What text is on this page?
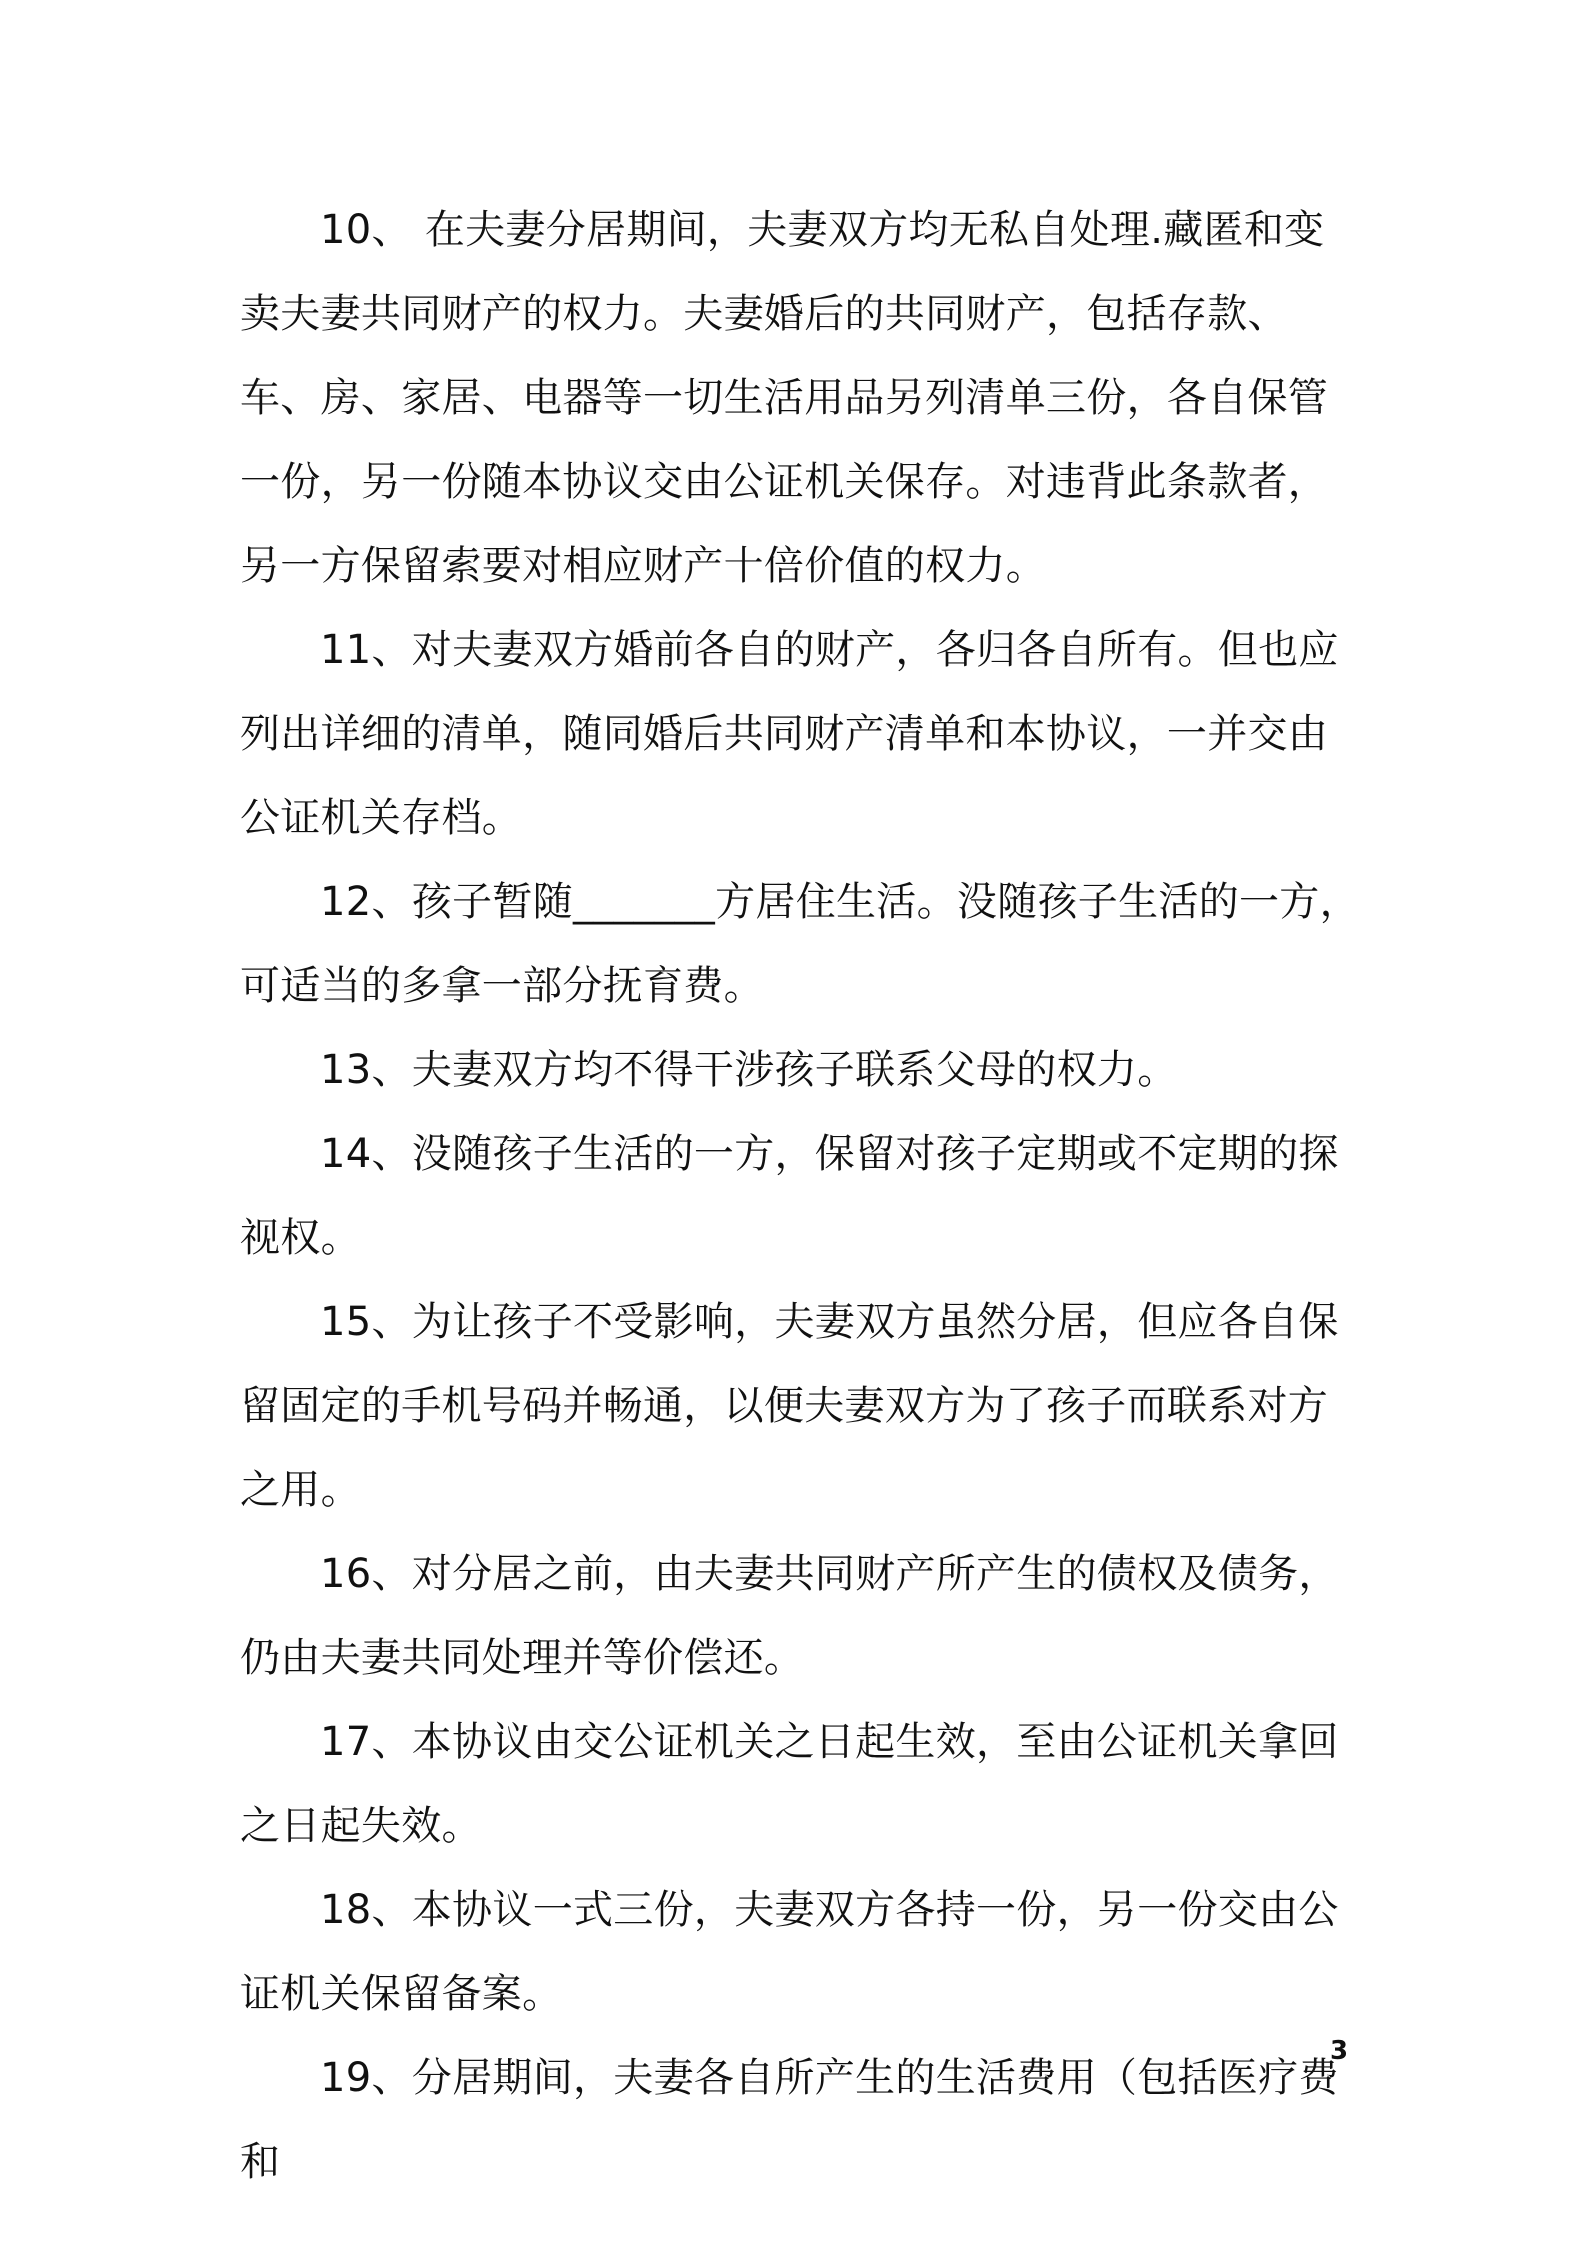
10、 在夫妻分居期间，夫妻双方均无私自处理.藏匿和变卖夫妻共同财产的权力。夫妻婚后的共同财产，包括存款、车、房、家居、电器等一切生活用品另列清单三份，各自保管一份，另一份随本协议交由公证机关保存。对违背此条款者，另一方保留索要对相应财产十倍价值的权力。

11、对夫妻双方婚前各自的财产，各归各自所有。但也应列出详细的清单，随同婚后共同财产清单和本协议，一并交由公证机关存档。

12、孩子暂随_______方居住生活。没随孩子生活的一方，可适当的多拿一部分抚育费。

13、夫妻双方均不得干涉孩子联系父母的权力。

14、没随孩子生活的一方，保留对孩子定期或不定期的探视权。

15、为让孩子不受影响，夫妻双方虽然分居，但应各自保留固定的手机号码并畅通，以便夫妻双方为了孩子而联系对方之用。

16、对分居之前，由夫妻共同财产所产生的债权及债务，仍由夫妻共同处理并等价偿还。

17、本协议由交公证机关之日起生效，至由公证机关拿回之日起失效。

18、本协议一式三份，夫妻双方各持一份，另一份交由公证机关保留备案。

19、分居期间，夫妻各自所产生的生活费用（包括医疗费和

3
